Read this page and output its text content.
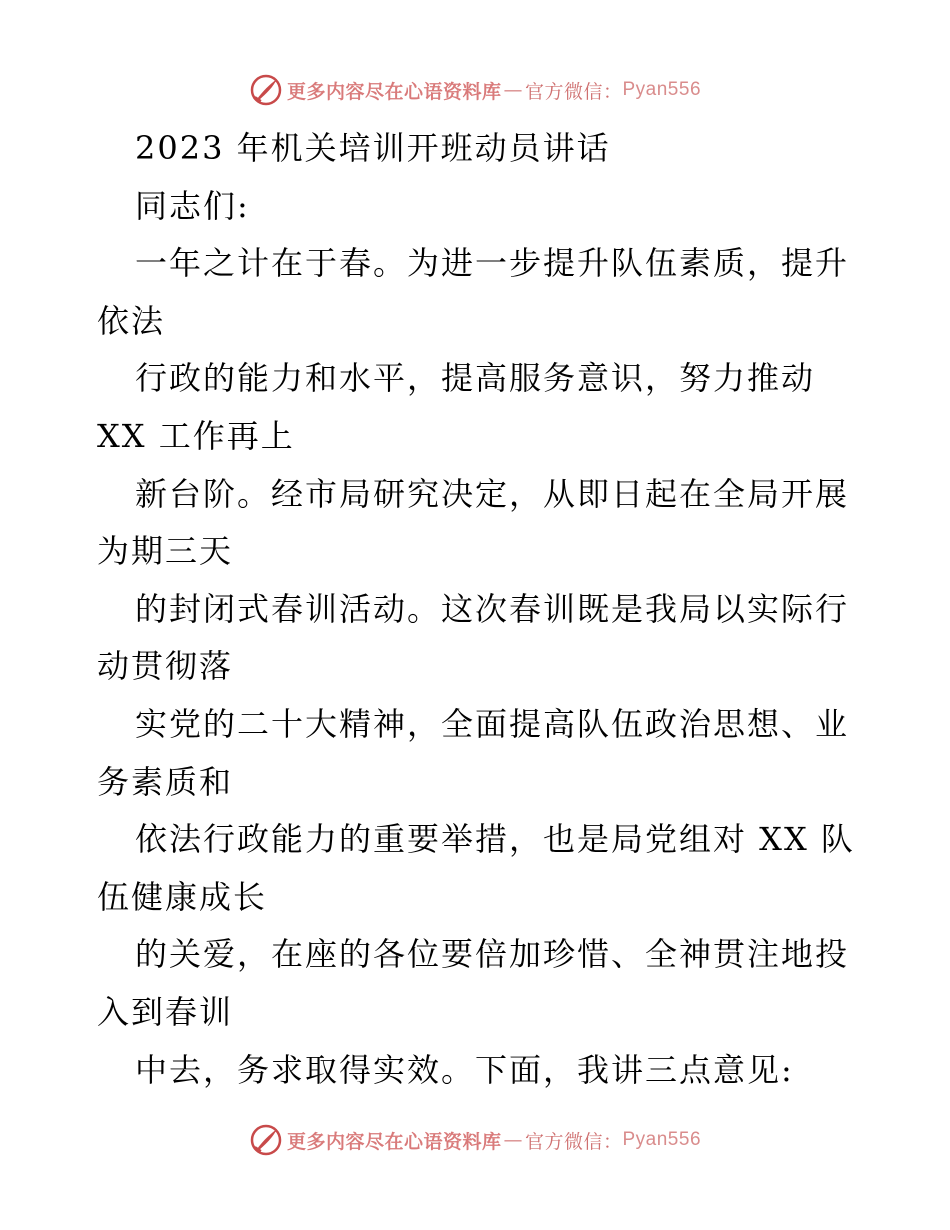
更多内容尽在心语资料库 — 官方微信： Pyan556
2023 年机关培训开班动员讲话
同志们:
一年之计在于春。为进一步提升队伍素质，提升
依法
行政的能力和水平，提高服务意识，努力推动
XX 工作再上
新台阶。经市局研究决定，从即日起在全局开展
为期三天
的封闭式春训活动。这次春训既是我局以实际行
动贯彻落
实党的二十大精神，全面提高队伍政治思想、业
务素质和
依法行政能力的重要举措，也是局党组对 XX 队
伍健康成长
的关爱，在座的各位要倍加珍惜、全神贯注地投
入到春训
中去，务求取得实效。下面，我讲三点意见:
更多内容尽在心语资料库 — 官方微信： Pyan556
